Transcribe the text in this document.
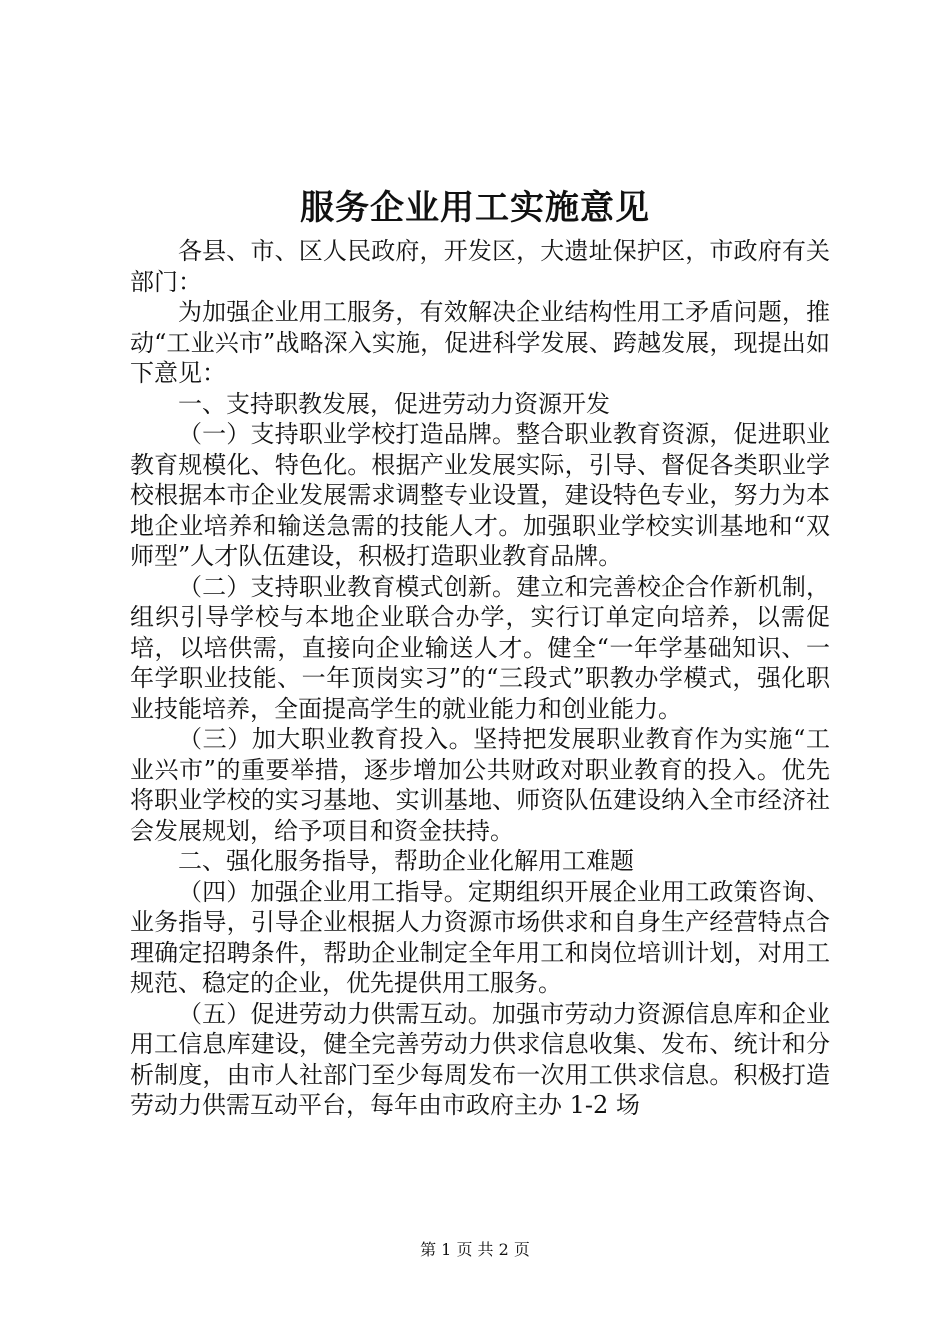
服务企业用工实施意见

各县、市、区人民政府，开发区，大遗址保护区，市政府有关部门：

为加强企业用工服务，有效解决企业结构性用工矛盾问题，推动“工业兴市”战略深入实施，促进科学发展、跨越发展，现提出如下意见：

一、支持职教发展，促进劳动力资源开发

（一）支持职业学校打造品牌。整合职业教育资源，促进职业教育规模化、特色化。根据产业发展实际，引导、督促各类职业学校根据本市企业发展需求调整专业设置，建设特色专业，努力为本地企业培养和输送急需的技能人才。加强职业学校实训基地和“双师型”人才队伍建设，积极打造职业教育品牌。

（二）支持职业教育模式创新。建立和完善校企合作新机制，组织引导学校与本地企业联合办学，实行订单定向培养，以需促培，以培供需，直接向企业输送人才。健全“一年学基础知识、一年学职业技能、一年顶岗实习”的“三段式”职教办学模式，强化职业技能培养，全面提高学生的就业能力和创业能力。

（三）加大职业教育投入。坚持把发展职业教育作为实施“工业兴市”的重要举措，逐步增加公共财政对职业教育的投入。优先将职业学校的实习基地、实训基地、师资队伍建设纳入全市经济社会发展规划，给予项目和资金扶持。

二、强化服务指导，帮助企业化解用工难题

（四）加强企业用工指导。定期组织开展企业用工政策咨询、业务指导，引导企业根据人力资源市场供求和自身生产经营特点合理确定招聘条件，帮助企业制定全年用工和岗位培训计划，对用工规范、稳定的企业，优先提供用工服务。

（五）促进劳动力供需互动。加强市劳动力资源信息库和企业用工信息库建设，健全完善劳动力供求信息收集、发布、统计和分析制度，由市人社部门至少每周发布一次用工供求信息。积极打造劳动力供需互动平台，每年由市政府主办 1-2 场

第 1 页 共 2 页
